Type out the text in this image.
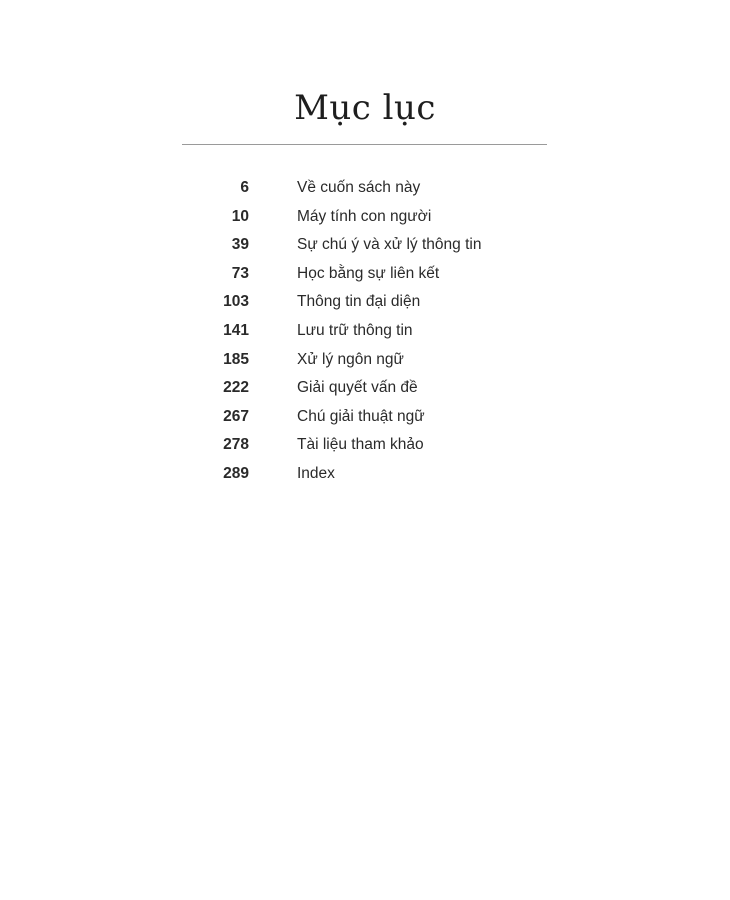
Mục lục
6	Về cuốn sách này
10	Máy tính con người
39	Sự chú ý và xử lý thông tin
73	Học bằng sự liên kết
103	Thông tin đại diện
141	Lưu trữ thông tin
185	Xử lý ngôn ngữ
222	Giải quyết vấn đề
267	Chú giải thuật ngữ
278	Tài liệu tham khảo
289	Index
